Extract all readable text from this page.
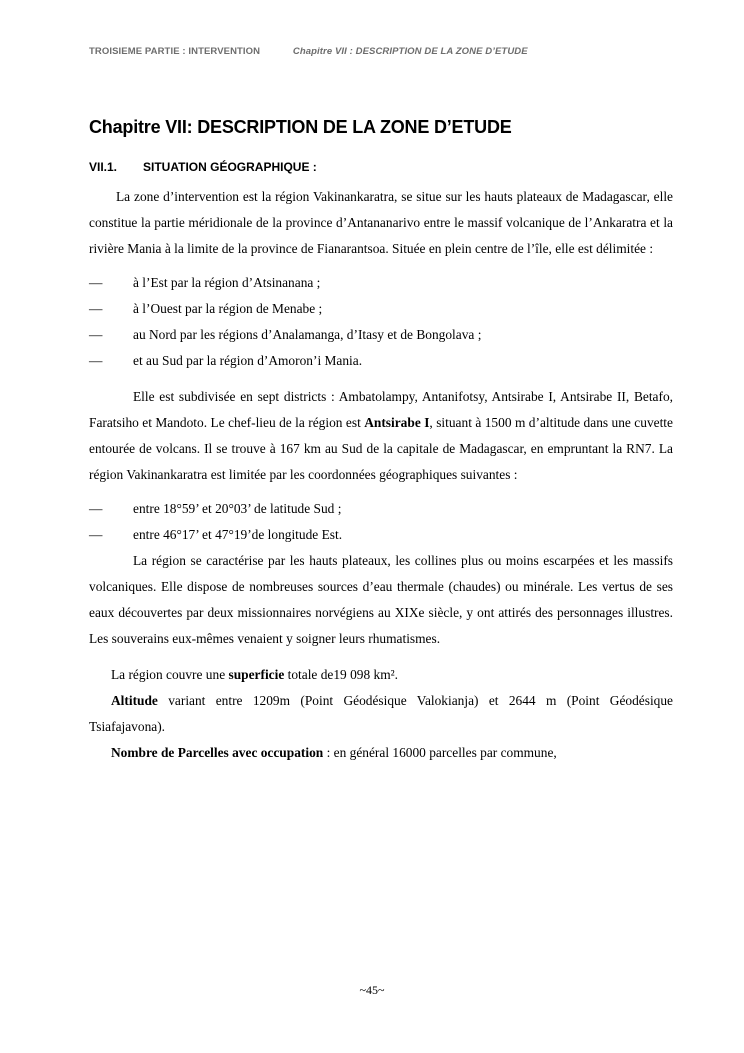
TROISIEME PARTIE : INTERVENTION	Chapitre VII : DESCRIPTION DE LA ZONE D’ETUDE
Chapitre VII: DESCRIPTION DE LA ZONE D’ETUDE
VII.1. SITUATION GÉOGRAPHIQUE :

La zone d’intervention est la région Vakinankaratra, se situe sur les hauts plateaux de Madagascar, elle constitue la partie méridionale de la province d’Antananarivo entre le massif volcanique de l’Ankaratra et la rivière Mania à la limite de la province de Fianarantsoa. Située en plein centre de l’île, elle est délimitée :

— à l’Est par la région d’Atsinanana ;
— à l’Ouest par la région de Menabe ;
— au Nord par les régions d’Analamanga, d’Itasy et de Bongolava ;
— et au Sud par la région d’Amoron’i Mania.

Elle est subdivisée en sept districts : Ambatolampy, Antanifotsy, Antsirabe I, Antsirabe II, Betafo, Faratsiho et Mandoto. Le chef-lieu de la région est Antsirabe I, situant à 1500 m d’altitude dans une cuvette entourée de volcans. Il se trouve à 167 km au Sud de la capitale de Madagascar, en empruntant la RN7. La région Vakinankaratra est limitée par les coordonnées géographiques suivantes :

— entre 18°59’ et 20°03’ de latitude Sud ;
— entre 46°17’ et 47°19’de longitude Est.

La région se caractérise par les hauts plateaux, les collines plus ou moins escarpées et les massifs volcaniques. Elle dispose de nombreuses sources d’eau thermale (chaudes) ou minérale. Les vertus de ses eaux découvertes par deux missionnaires norvégiens au XIXe siècle, y ont attirés des personnages illustres. Les souverains eux-mêmes venaient y soigner leurs rhumatismes.

La région couvre une superficie totale de19 098 km².

Altitude variant entre 1209m (Point Géodésique Valokianja) et 2644 m (Point Géodésique Tsiafajavona).

Nombre de Parcelles avec occupation : en général 16000 parcelles par commune,

~45~
